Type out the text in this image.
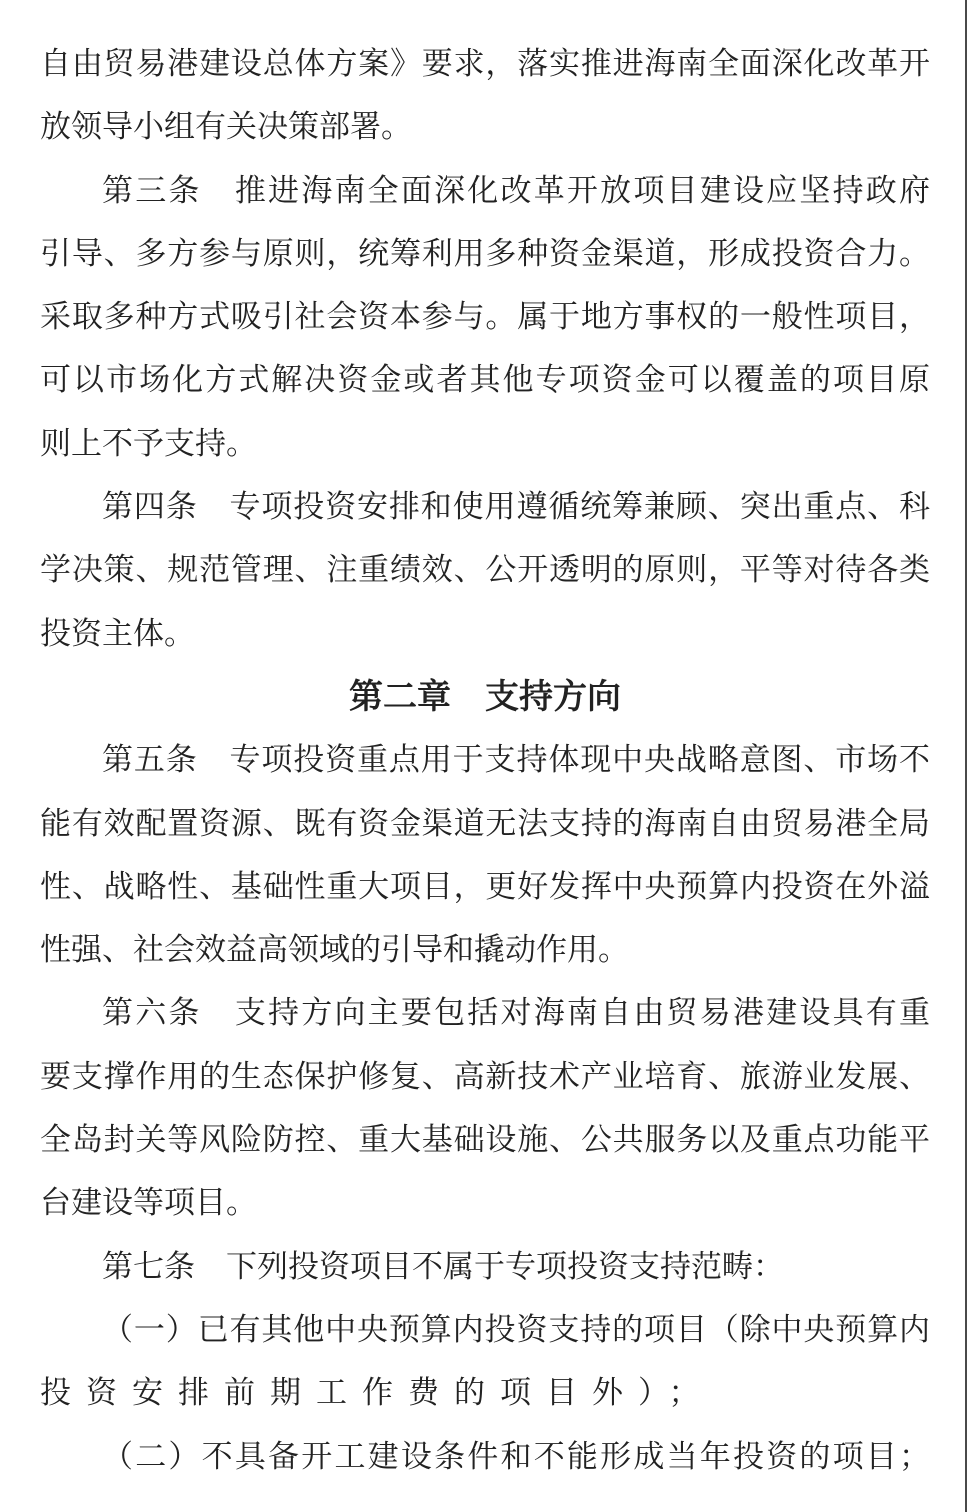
自由贸易港建设总体方案》要求，落实推进海南全面深化改革开
放领导小组有关决策部署。
第三条　推进海南全面深化改革开放项目建设应坚持政府
引导、多方参与原则，统筹利用多种资金渠道，形成投资合力。
采取多种方式吸引社会资本参与。属于地方事权的一般性项目，
可以市场化方式解决资金或者其他专项资金可以覆盖的项目原
则上不予支持。
第四条　专项投资安排和使用遵循统筹兼顾、突出重点、科
学决策、规范管理、注重绩效、公开透明的原则，平等对待各类
投资主体。
第二章　支持方向
第五条　专项投资重点用于支持体现中央战略意图、市场不
能有效配置资源、既有资金渠道无法支持的海南自由贸易港全局
性、战略性、基础性重大项目，更好发挥中央预算内投资在外溢
性强、社会效益高领域的引导和撬动作用。
第六条　支持方向主要包括对海南自由贸易港建设具有重
要支撑作用的生态保护修复、高新技术产业培育、旅游业发展、
全岛封关等风险防控、重大基础设施、公共服务以及重点功能平
台建设等项目。
第七条　下列投资项目不属于专项投资支持范畴：
（一）已有其他中央预算内投资支持的项目（除中央预算内
投资安排前期工作费的项目外）；
（二）不具备开工建设条件和不能形成当年投资的项目；
